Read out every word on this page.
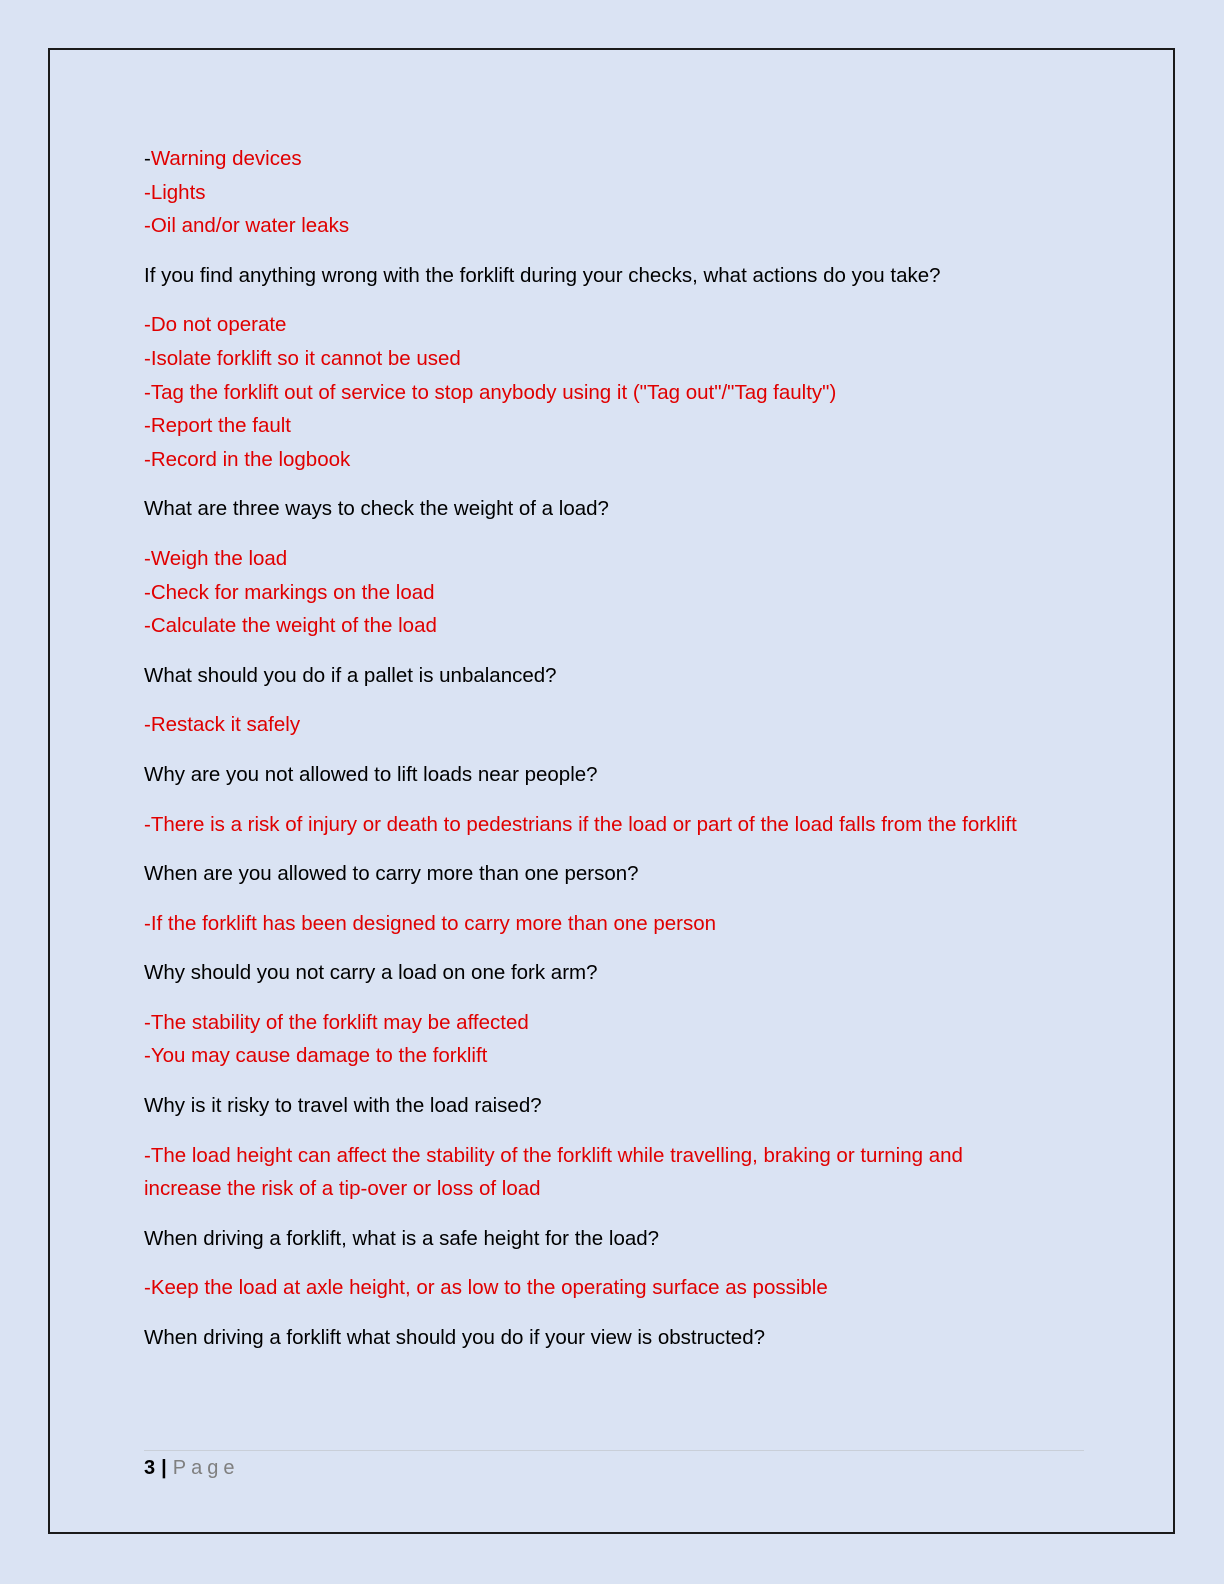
-Warning devices
-Lights
-Oil and/or water leaks
If you find anything wrong with the forklift during your checks, what actions do you take?
-Do not operate
-Isolate forklift so it cannot be used
-Tag the forklift out of service to stop anybody using it ("Tag out"/"Tag faulty")
-Report the fault
-Record in the logbook
What are three ways to check the weight of a load?
-Weigh the load
-Check for markings on the load
-Calculate the weight of the load
What should you do if a pallet is unbalanced?
-Restack it safely
Why are you not allowed to lift loads near people?
-There is a risk of injury or death to pedestrians if the load or part of the load falls from the forklift
When are you allowed to carry more than one person?
-If the forklift has been designed to carry more than one person
Why should you not carry a load on one fork arm?
-The stability of the forklift may be affected
-You may cause damage to the forklift
Why is it risky to travel with the load raised?
-The load height can affect the stability of the forklift while travelling, braking or turning and increase the risk of a tip-over or loss of load
When driving a forklift, what is a safe height for the load?
-Keep the load at axle height, or as low to the operating surface as possible
When driving a forklift what should you do if your view is obstructed?
3 | Page
